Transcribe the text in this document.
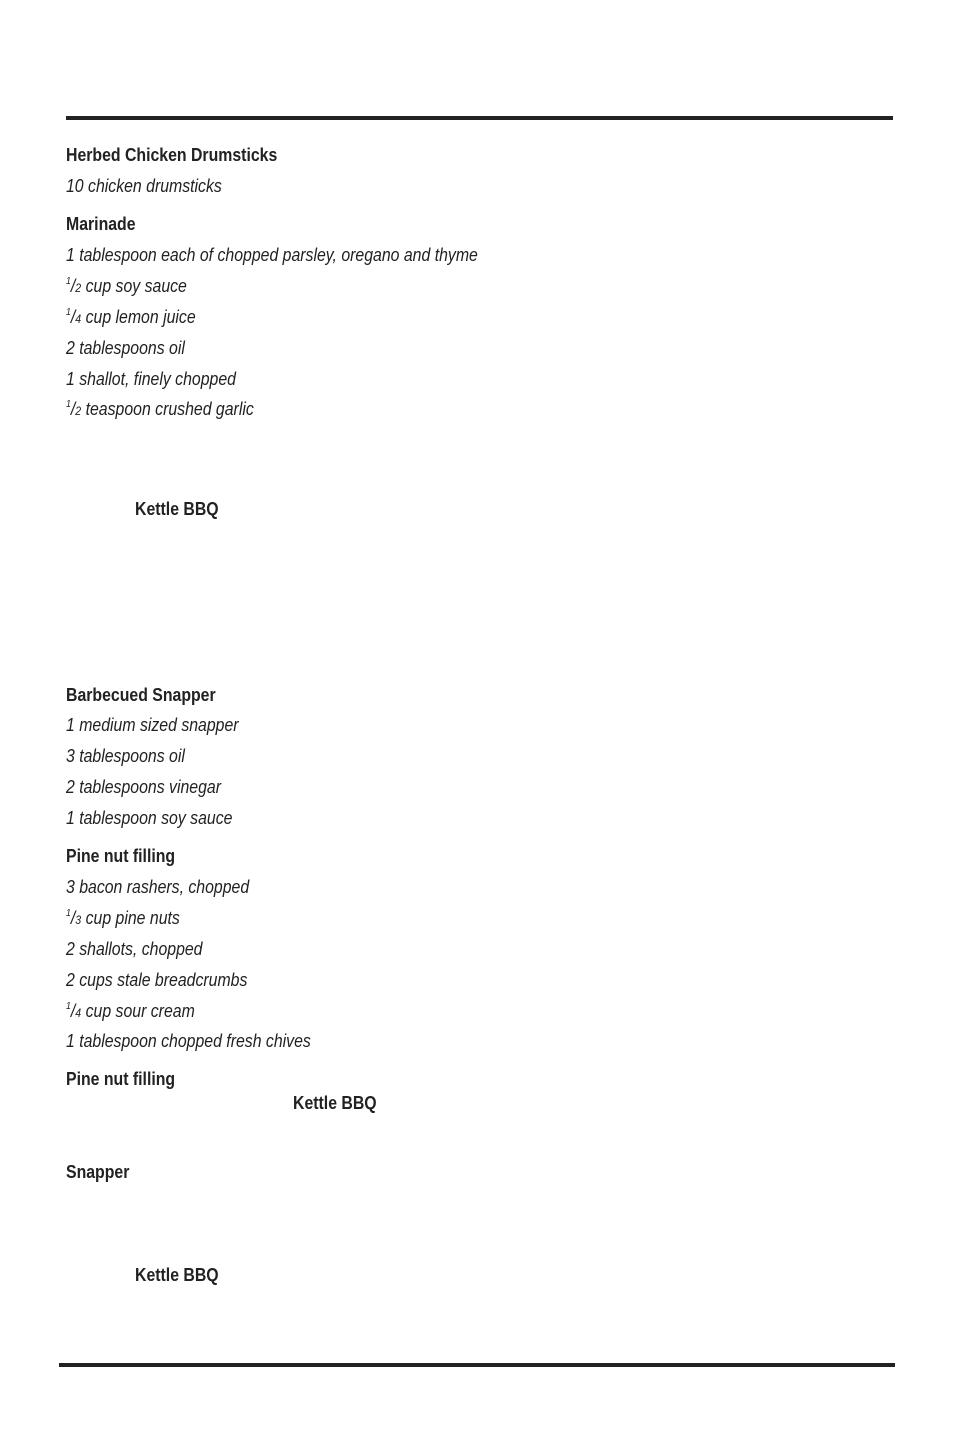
Herbed Chicken Drumsticks
10 chicken drumsticks
Marinade
1 tablespoon each of chopped parsley, oregano and thyme
$^1$/2 cup soy sauce
$^1$/4 cup lemon juice
2 tablespoons oil
1 shallot, finely chopped
$^1$/2 teaspoon crushed garlic
Kettle BBQ
Barbecued Snapper
1 medium sized snapper
3 tablespoons oil
2 tablespoons vinegar
1 tablespoon soy sauce
Pine nut filling
3 bacon rashers, chopped
$^1$/3 cup pine nuts
2 shallots, chopped
2 cups stale breadcrumbs
$^1$/4 cup sour cream
1 tablespoon chopped fresh chives
Pine nut filling
Kettle BBQ
Snapper
Kettle BBQ
